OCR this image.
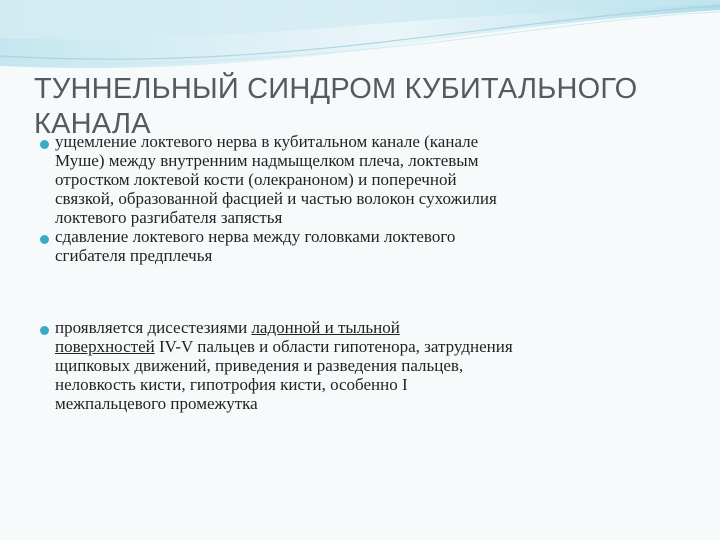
ТУННЕЛЬНЫЙ СИНДРОМ КУБИТАЛЬНОГО
КАНАЛА
ущемление локтевого нерва в кубитальном канале (канале
Муше) между внутренним надмыщелком плеча, локтевым
отростком локтевой кости (олекраноном) и поперечной
связкой, образованной фасцией и частью волокон сухожилия
локтевого разгибателя запястья
сдавление локтевого нерва между головками локтевого
сгибателя предплечья
проявляется дисестезиями ладонной и тыльной
поверхностей IV-V пальцев и области гипотенора, затруднения
щипковых движений, приведения и разведения пальцев,
неловкость кисти, гипотрофия кисти, особенно I
межпальцевого промежутка
